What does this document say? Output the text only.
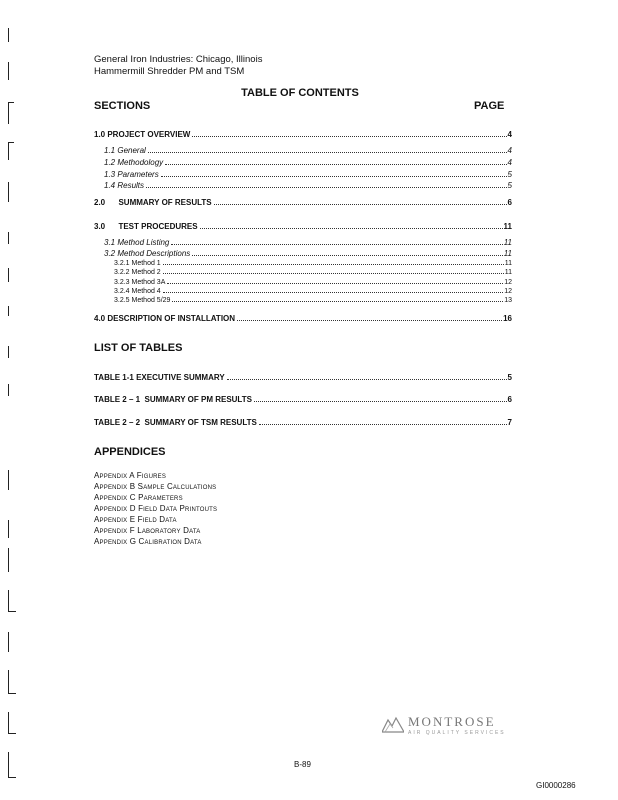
General Iron Industries: Chicago, Illinois
Hammermill Shredder PM and TSM
TABLE OF CONTENTS
SECTIONS	PAGE
1.0 PROJECT OVERVIEW	4
1.1 General	4
1.2 Methodology	4
1.3 Parameters	5
1.4 Results	5
2.0      SUMMARY OF RESULTS	6
3.0      TEST PROCEDURES	11
3.1 Method Listing	11
3.2 Method Descriptions	11
3.2.1 Method 1	11
3.2.2 Method 2	11
3.2.3 Method 3A	12
3.2.4 Method 4	12
3.2.5 Method 5/29	13
4.0 DESCRIPTION OF INSTALLATION	16
LIST OF TABLES
TABLE 1-1 EXECUTIVE SUMMARY	5
TABLE 2 – 1  SUMMARY OF PM RESULTS	6
TABLE 2 – 2  SUMMARY OF TSM RESULTS	7
APPENDICES
Appendix A Figures
Appendix B Sample Calculations
Appendix C Parameters
Appendix D Field Data Printouts
Appendix E Field Data
Appendix F Laboratory Data
Appendix G Calibration Data
MONTROSE
AIR QUALITY SERVICES
B-89
GI0000286
